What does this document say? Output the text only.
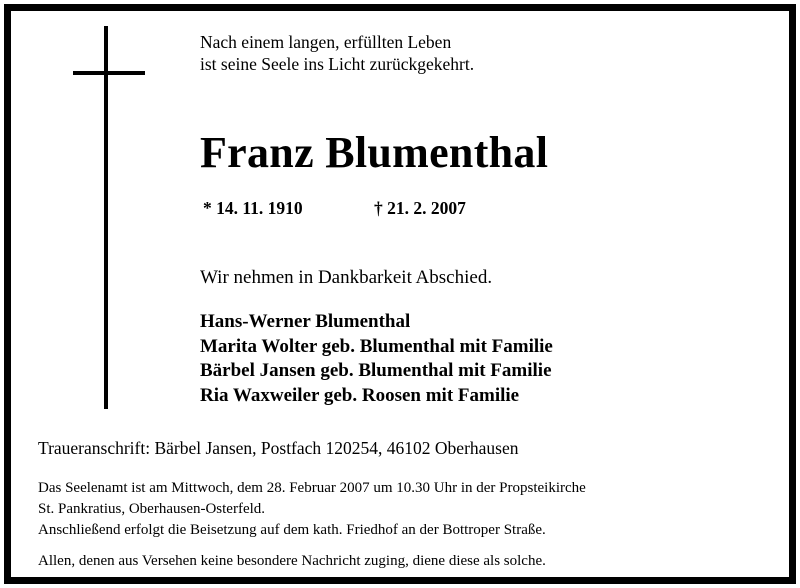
Nach einem langen, erfüllten Leben
ist seine Seele ins Licht zurückgekehrt.
Franz Blumenthal
* 14. 11. 1910	† 21. 2. 2007
Wir nehmen in Dankbarkeit Abschied.
Hans-Werner Blumenthal
Marita Wolter geb. Blumenthal mit Familie
Bärbel Jansen geb. Blumenthal mit Familie
Ria Waxweiler geb. Roosen mit Familie
Traueranschrift: Bärbel Jansen, Postfach 120254, 46102 Oberhausen
Das Seelenamt ist am Mittwoch, dem 28. Februar 2007 um 10.30 Uhr in der Propsteikirche
St. Pankratius, Oberhausen-Osterfeld.
Anschließend erfolgt die Beisetzung auf dem kath. Friedhof an der Bottroper Straße.
Allen, denen aus Versehen keine besondere Nachricht zuging, diene diese als solche.
